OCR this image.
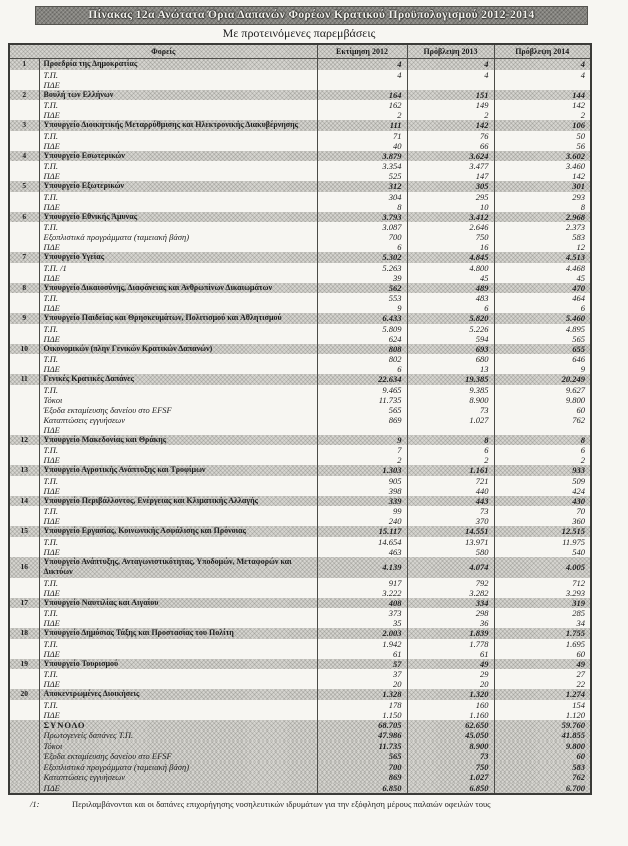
Πίνακας 12α Ανώτατα Όρια Δαπανών Φορέων Κρατικού Προϋπολογισμού 2012-2014
Με προτεινόμενες παρεμβάσεις
Φορείς		Εκτίμηση 2012	Πρόβλεψη 2013	Πρόβλεψη 2014
1	Προεδρία της Δημοκρατίας	4	4	4
	Τ.Π.	4	4	4
	ΠΔΕ			
2	Βουλή των Ελλήνων	164	151	144
	Τ.Π.	162	149	142
	ΠΔΕ	2	2	2
3	Υπουργείο Διοικητικής Μεταρρύθμισης και Ηλεκτρονικής Διακυβέρνησης	111	142	106
	Τ.Π.	71	76	50
	ΠΔΕ	40	66	56
4	Υπουργείο Εσωτερικών	3.879	3.624	3.602
	Τ.Π.	3.354	3.477	3.460
	ΠΔΕ	525	147	142
5	Υπουργείο Εξωτερικών	312	305	301
	Τ.Π.	304	295	293
	ΠΔΕ	8	10	8
6	Υπουργείο Εθνικής Άμυνας	3.793	3.412	2.968
	Τ.Π.	3.087	2.646	2.373
	Εξοπλιστικά προγράμματα (ταμειακή βάση)	700	750	583
	ΠΔΕ	6	16	12
7	Υπουργείο Υγείας	5.302	4.845	4.513
	Τ.Π. /1	5.263	4.800	4.468
	ΠΔΕ	39	45	45
8	Υπουργείο Δικαιοσύνης, Διαφάνειας και Ανθρωπίνων Δικαιωμάτων	562	489	470
	Τ.Π.	553	483	464
	ΠΔΕ	9	6	6
9	Υπουργείο Παιδείας και Θρησκευμάτων, Πολιτισμού και Αθλητισμού	6.433	5.820	5.460
	Τ.Π.	5.809	5.226	4.895
	ΠΔΕ	624	594	565
10	Οικονομικών (πλην Γενικών Κρατικών Δαπανών)	808	693	655
	Τ.Π.	802	680	646
	ΠΔΕ	6	13	9
11	Γενικές Κρατικές Δαπάνες	22.634	19.385	20.249
	Τ.Π.	9.465	9.385	9.627
	Τόκοι	11.735	8.900	9.800
	Έξοδα εκταμίευσης δανείου στο EFSF	565	73	60
	Καταπτώσεις εγγυήσεων	869	1.027	762
	ΠΔΕ			
12	Υπουργείο Μακεδονίας και Θράκης	9	8	8
	Τ.Π.	7	6	6
	ΠΔΕ	2	2	2
13	Υπουργείο Αγροτικής Ανάπτυξης και Τροφίμων	1.303	1.161	933
	Τ.Π.	905	721	509
	ΠΔΕ	398	440	424
14	Υπουργείο Περιβάλλοντος, Ενέργειας και Κλιματικής Αλλαγής	339	443	430
	Τ.Π.	99	73	70
	ΠΔΕ	240	370	360
15	Υπουργείο Εργασίας, Κοινωνικής Ασφάλισης και Πρόνοιας	15.117	14.551	12.515
	Τ.Π.	14.654	13.971	11.975
	ΠΔΕ	463	580	540
16	Υπουργείο Ανάπτυξης, Ανταγωνιστικότητας, Υποδομών, Μεταφορών και Δικτύων	4.139	4.074	4.005
	Τ.Π.	917	792	712
	ΠΔΕ	3.222	3.282	3.293
17	Υπουργείο Ναυτιλίας και Αιγαίου	408	334	319
	Τ.Π.	373	298	285
	ΠΔΕ	35	36	34
18	Υπουργείο Δημόσιας Τάξης και Προστασίας του Πολίτη	2.003	1.839	1.755
	Τ.Π.	1.942	1.778	1.695
	ΠΔΕ	61	61	60
19	Υπουργείο Τουρισμού	57	49	49
	Τ.Π.	37	29	27
	ΠΔΕ	20	20	22
20	Αποκεντρωμένες Διοικήσεις	1.328	1.320	1.274
	Τ.Π.	178	160	154
	ΠΔΕ	1.150	1.160	1.120
	ΣΥΝΟΛΟ	68.705	62.650	59.760
	Πρωτογενείς δαπάνες Τ.Π.	47.986	45.050	41.855
	Τόκοι	11.735	8.900	9.800
	Έξοδα εκταμίευσης δανείου στο EFSF	565	73	60
	Εξοπλιστικά προγράμματα (ταμειακή βάση)	700	750	583
	Καταπτώσεις εγγυήσεων	869	1.027	762
	ΠΔΕ	6.850	6.850	6.700
/1:	Περιλαμβάνονται και οι δαπάνες επιχορήγησης νοσηλευτικών ιδρυμάτων για την εξόφληση μέρους παλαιών οφειλών τους
